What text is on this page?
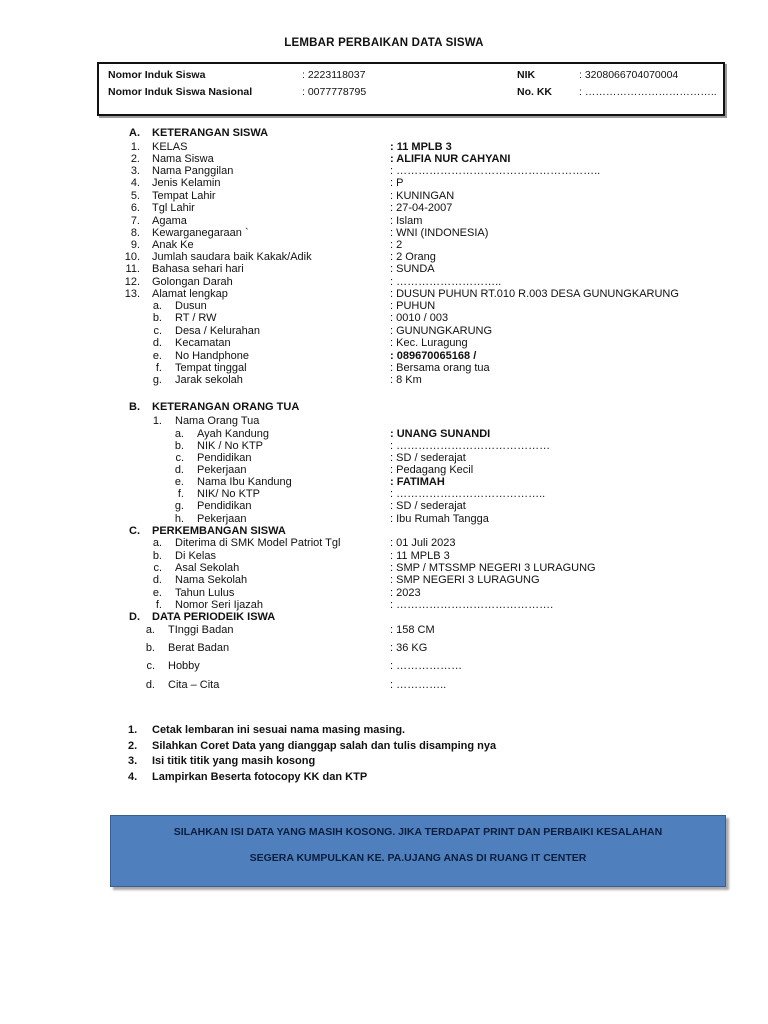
LEMBAR PERBAIKAN DATA SISWA
Nomor Induk Siswa	: 2223118037
Nomor Induk Siswa Nasional	: 0077778795
NIK	: 3208066704070004
No. KK	: ………………………………..
A. KETERANGAN SISWA
1. KELAS	: 11 MPLB 3
2. Nama Siswa	: ALIFIA NUR CAHYANI
3. Nama Panggilan	: ………………………………………………..
4. Jenis Kelamin	: P
5. Tempat Lahir	: KUNINGAN
6. Tgl Lahir	: 27-04-2007
7. Agama	: Islam
8. Kewarganegaraan `	: WNI (INDONESIA)
9. Anak Ke	: 2
10. Jumlah saudara baik Kakak/Adik	: 2 Orang
11. Bahasa sehari hari	: SUNDA
12. Golongan Darah	: ………………………..
13. Alamat lengkap	: DUSUN PUHUN RT.010 R.003 DESA GUNUNGKARUNG
a. Dusun	: PUHUN
b. RT / RW	: 0010 / 003
c. Desa / Kelurahan	: GUNUNGKARUNG
d. Kecamatan	: Kec. Luragung
e. No Handphone	: 089670065168 /
f. Tempat tinggal	: Bersama orang tua
g. Jarak sekolah	: 8 Km
B. KETERANGAN ORANG TUA
1. Nama Orang Tua
a. Ayah Kandung	: UNANG SUNANDI
b. NIK / No KTP	: ……………………………………
c. Pendidikan	: SD / sederajat
d. Pekerjaan	: Pedagang Kecil
e. Nama Ibu Kandung	: FATIMAH
f. NIK/ No KTP	: …………………………………..
g. Pendidikan	: SD / sederajat
h. Pekerjaan	: Ibu Rumah Tangga
C. PERKEMBANGAN SISWA
a. Diterima di SMK Model Patriot Tgl	: 01 Juli 2023
b. Di Kelas	: 11 MPLB 3
c. Asal Sekolah	: SMP / MTSSMP NEGERI 3 LURAGUNG
d. Nama Sekolah	: SMP NEGERI 3 LURAGUNG
e. Tahun Lulus	: 2023
f. Nomor Seri Ijazah	: …………………………………….
D. DATA PERIODEIK ISWA
a. TInggi Badan	: 158 CM
b. Berat Badan	: 36 KG
c. Hobby	: ………………
d. Cita – Cita	: …………..
1. Cetak lembaran ini sesuai nama masing masing.
2. Silahkan Coret Data yang dianggap salah dan tulis disamping nya
3. Isi titik titik yang masih kosong
4. Lampirkan Beserta fotocopy KK dan KTP
SILAHKAN ISI DATA YANG MASIH KOSONG. JIKA TERDAPAT PRINT DAN PERBAIKI KESALAHAN
SEGERA KUMPULKAN KE. PA.UJANG ANAS DI RUANG IT CENTER
